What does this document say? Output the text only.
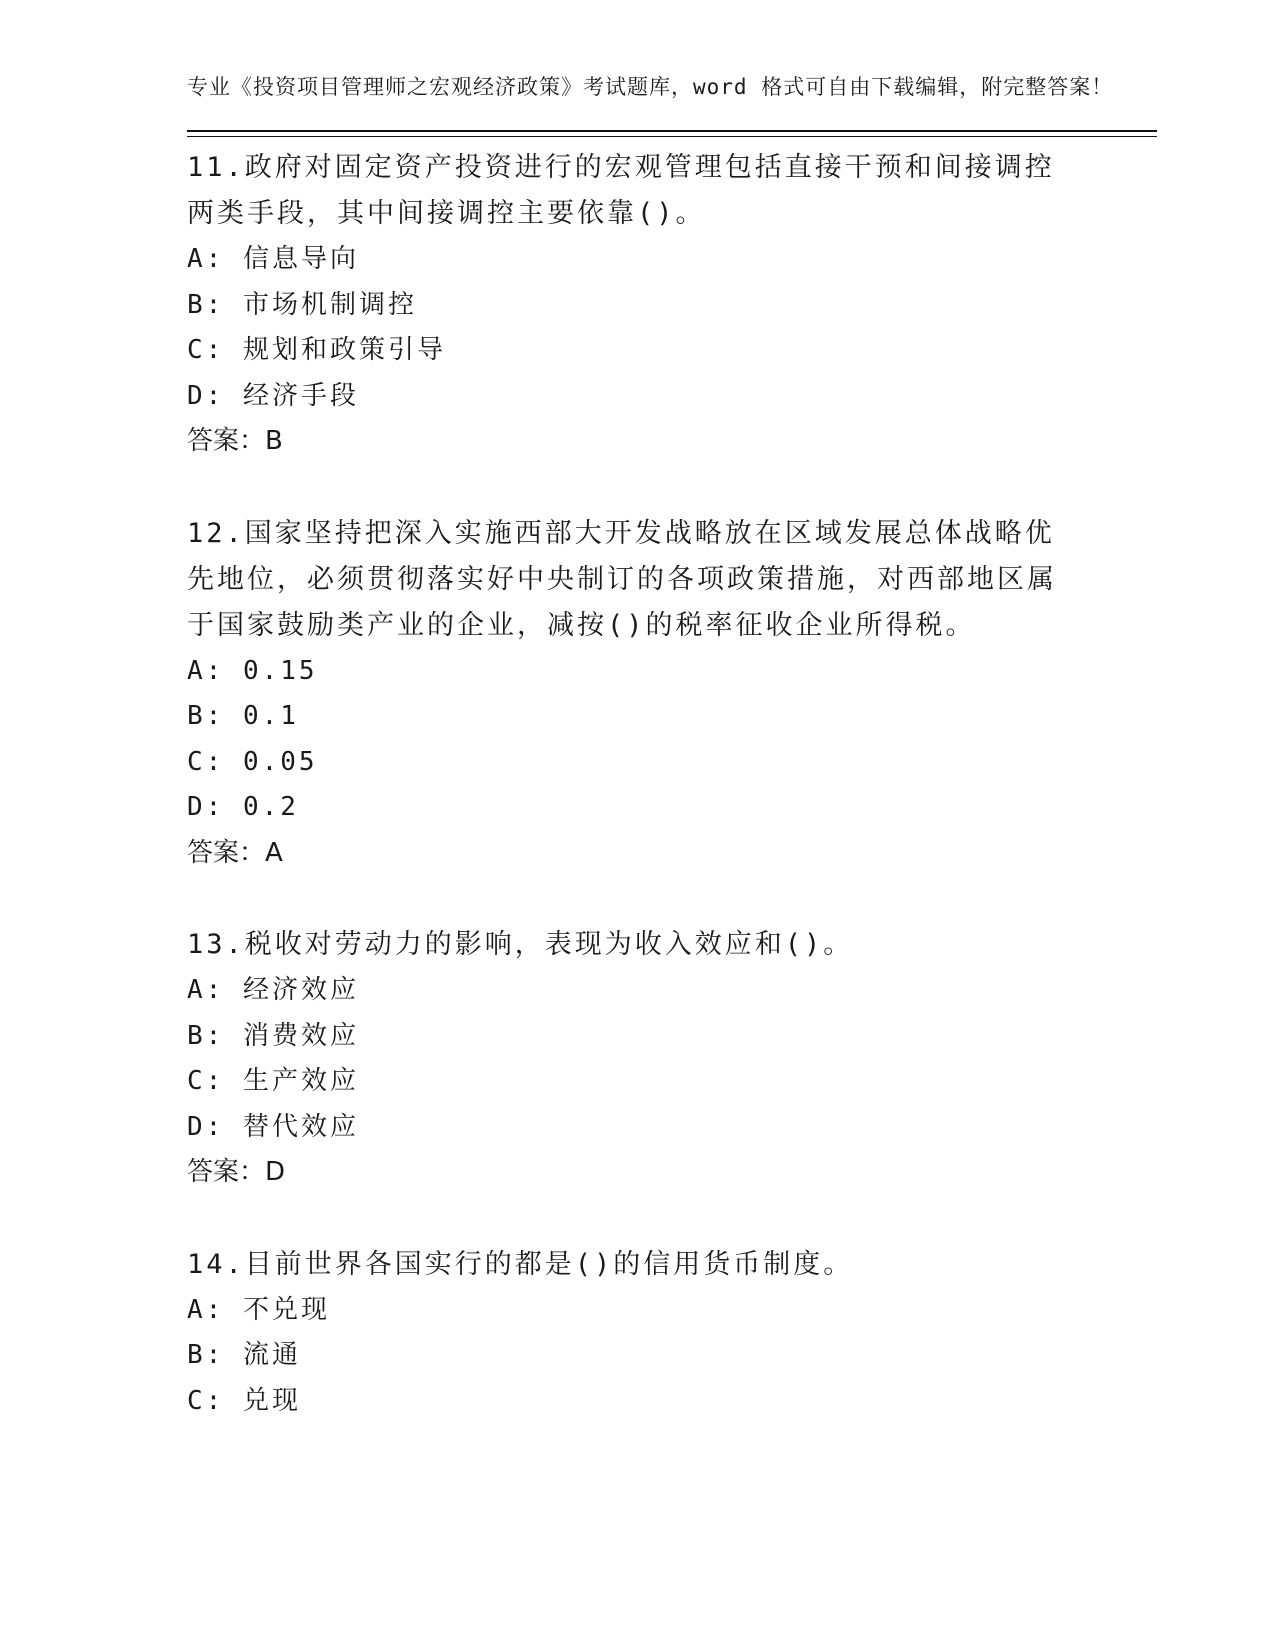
专业《投资项目管理师之宏观经济政策》考试题库，word 格式可自由下载编辑，附完整答案！

11.政府对固定资产投资进行的宏观管理包括直接干预和间接调控两类手段，其中间接调控主要依靠()。

A: 信息导向

B: 市场机制调控

C: 规划和政策引导

D: 经济手段

答案：B

12.国家坚持把深入实施西部大开发战略放在区域发展总体战略优先地位，必须贯彻落实好中央制订的各项政策措施，对西部地区属于国家鼓励类产业的企业，减按()的税率征收企业所得税。

A: 0.15

B: 0.1

C: 0.05

D: 0.2

答案：A

13.税收对劳动力的影响，表现为收入效应和()。

A: 经济效应

B: 消费效应

C: 生产效应

D: 替代效应

答案：D

14.目前世界各国实行的都是()的信用货币制度。

A: 不兑现

B: 流通

C: 兑现
